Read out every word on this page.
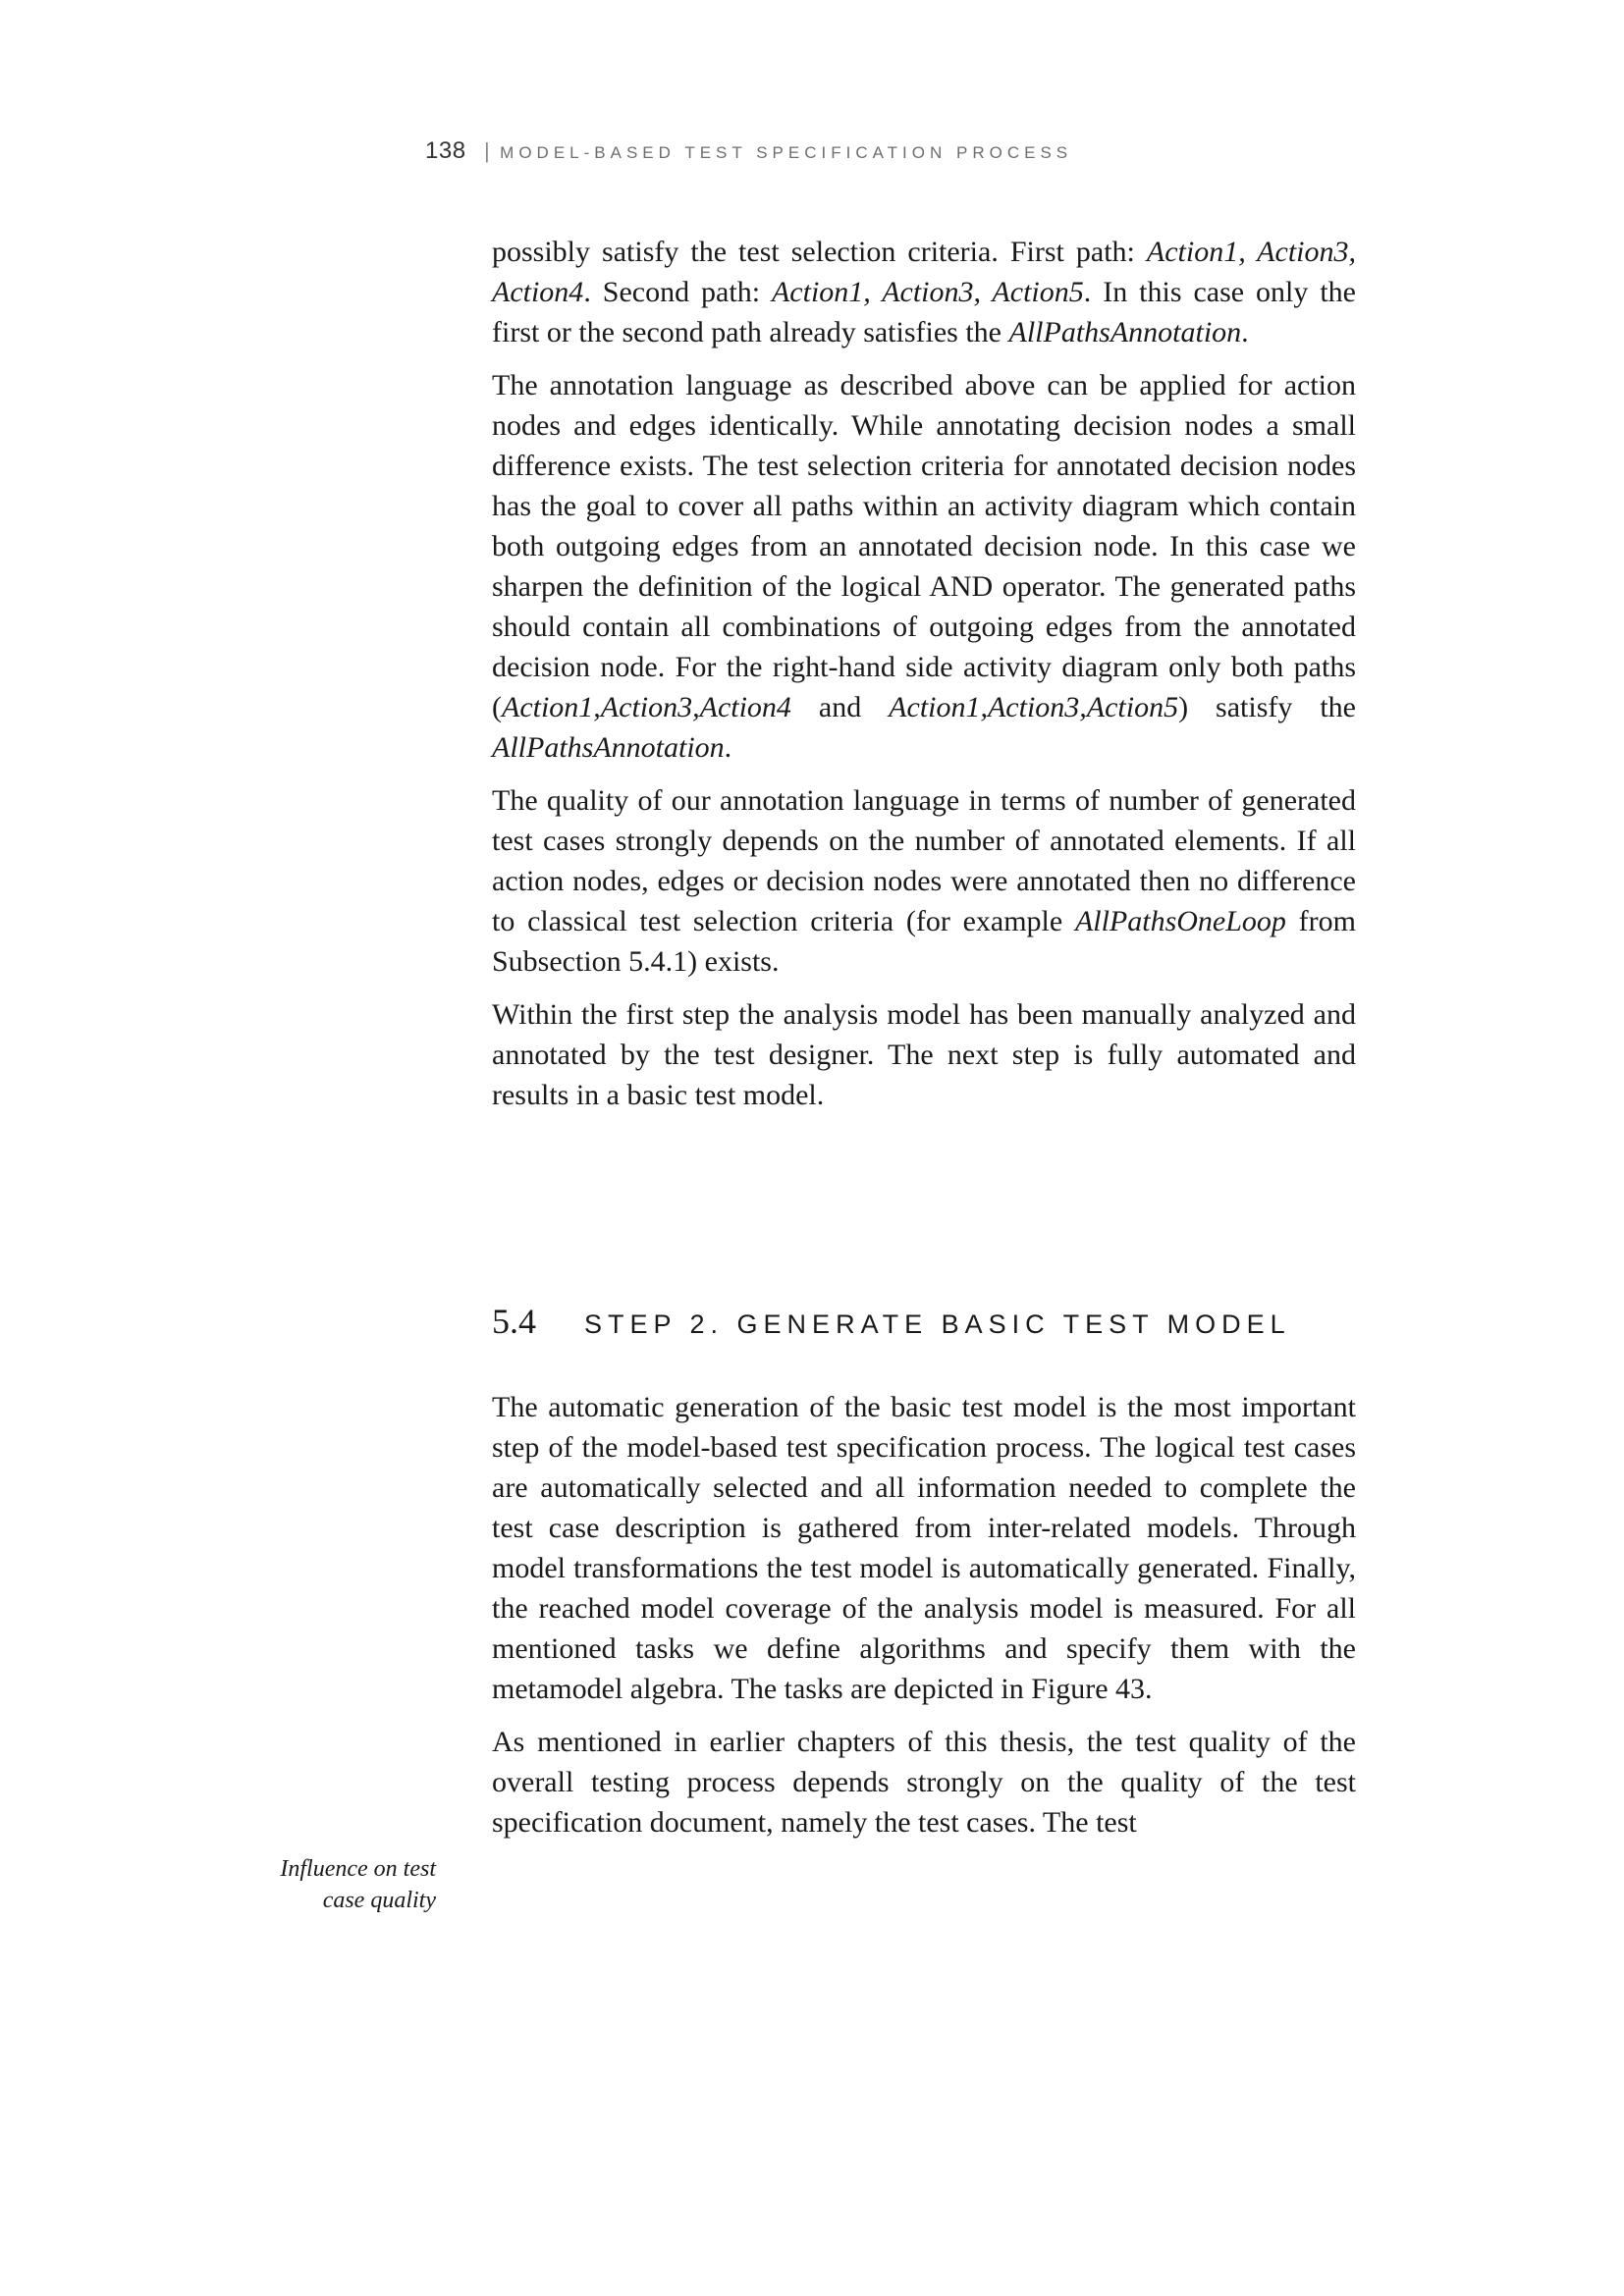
138 | MODEL-BASED TEST SPECIFICATION PROCESS

possibly satisfy the test selection criteria. First path: Action1, Action3, Action4. Second path: Action1, Action3, Action5. In this case only the first or the second path already satisfies the AllPathsAnnotation.

The annotation language as described above can be applied for action nodes and edges identically. While annotating decision nodes a small difference exists. The test selection criteria for annotated decision nodes has the goal to cover all paths within an activity diagram which contain both outgoing edges from an annotated decision node. In this case we sharpen the definition of the logical AND operator. The generated paths should contain all combinations of outgoing edges from the annotated decision node. For the right-hand side activity diagram only both paths (Action1,Action3,Action4 and Action1,Action3,Action5) satisfy the AllPathsAnnotation.

The quality of our annotation language in terms of number of generated test cases strongly depends on the number of annotated elements. If all action nodes, edges or decision nodes were annotated then no difference to classical test selection criteria (for example AllPathsOneLoop from Subsection 5.4.1) exists.

Within the first step the analysis model has been manually analyzed and annotated by the test designer. The next step is fully automated and results in a basic test model.

5.4 STEP 2. GENERATE BASIC TEST MODEL

The automatic generation of the basic test model is the most important step of the model-based test specification process. The logical test cases are automatically selected and all information needed to complete the test case description is gathered from inter-related models. Through model transformations the test model is automatically generated. Finally, the reached model coverage of the analysis model is measured. For all mentioned tasks we define algorithms and specify them with the metamodel algebra. The tasks are depicted in Figure 43.

As mentioned in earlier chapters of this thesis, the test quality of the overall testing process depends strongly on the quality of the test specification document, namely the test cases. The test

Influence on test case quality
